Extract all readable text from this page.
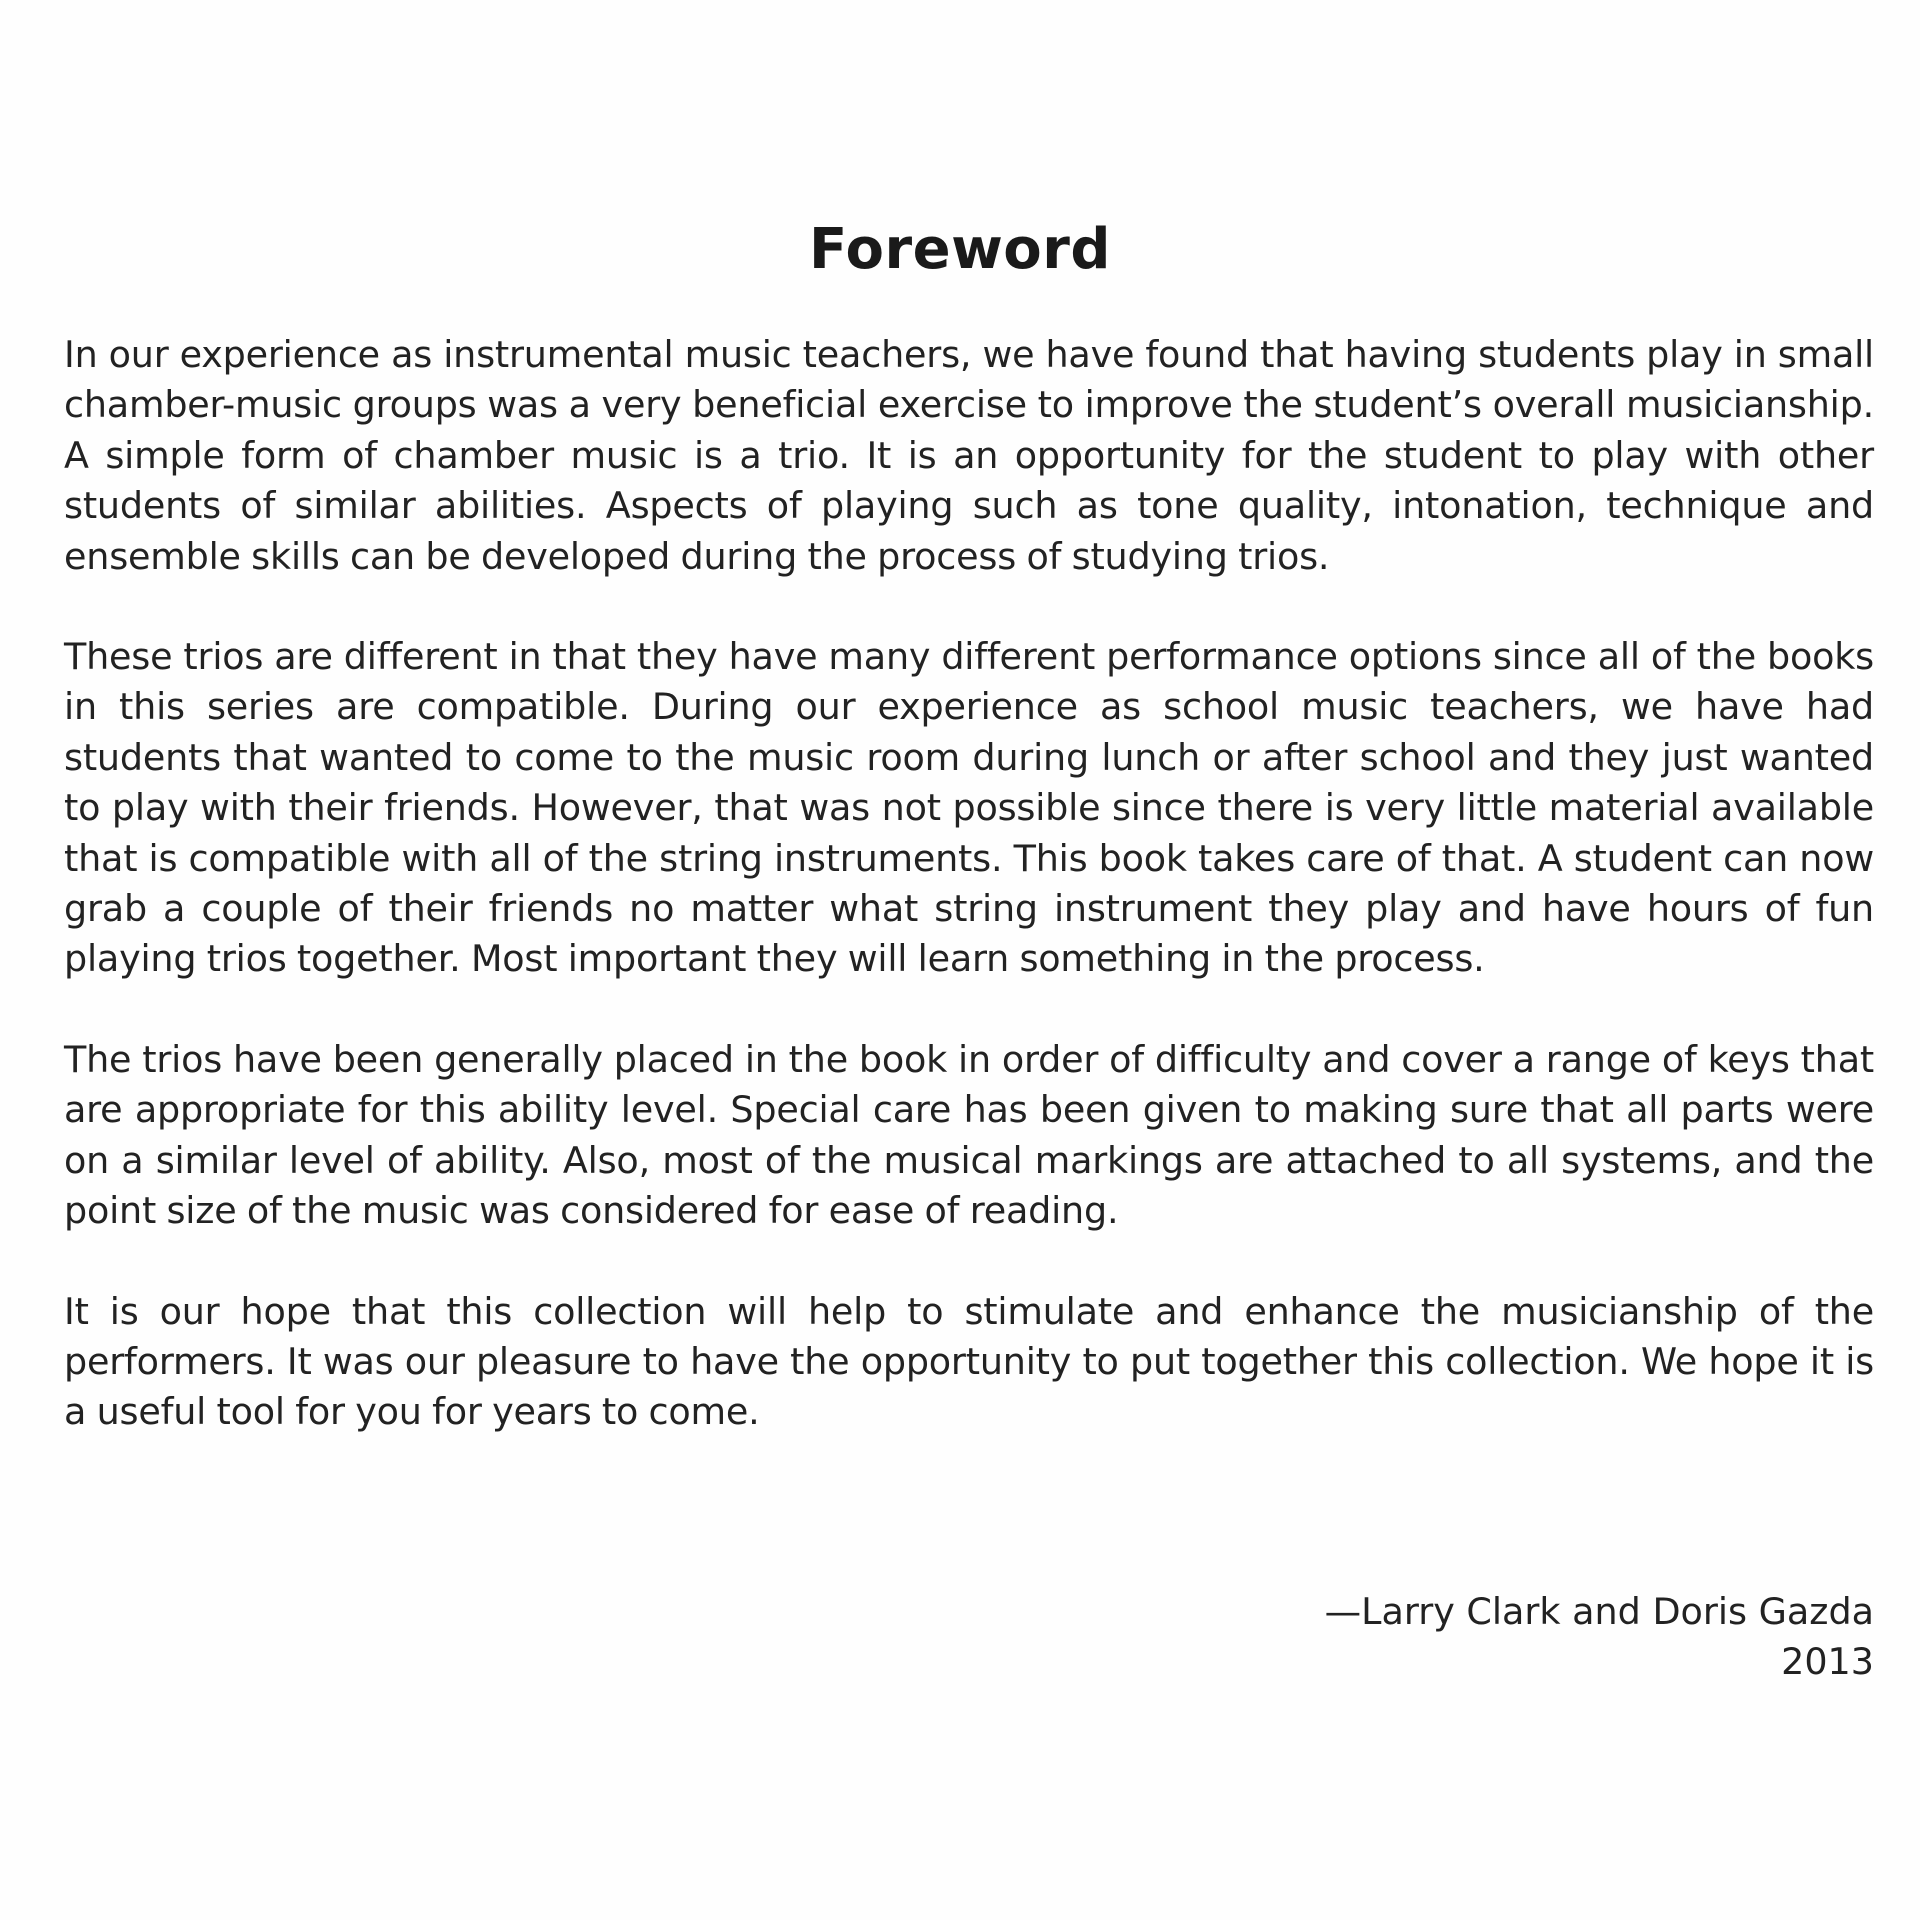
Foreword

In our experience as instrumental music teachers, we have found that having students play in small chamber-music groups was a very beneficial exercise to improve the student’s overall musicianship. A simple form of chamber music is a trio. It is an opportunity for the student to play with other students of similar abilities. Aspects of playing such as tone quality, intonation, technique and ensemble skills can be developed during the process of studying trios.

These trios are different in that they have many different performance options since all of the books in this series are compatible. During our experience as school music teachers, we have had students that wanted to come to the music room during lunch or after school and they just wanted to play with their friends. However, that was not possible since there is very little material available that is compatible with all of the string instruments. This book takes care of that. A student can now grab a couple of their friends no matter what string instrument they play and have hours of fun playing trios together. Most important they will learn something in the process.

The trios have been generally placed in the book in order of difficulty and cover a range of keys that are appropriate for this ability level. Special care has been given to making sure that all parts were on a similar level of ability. Also, most of the musical markings are attached to all systems, and the point size of the music was considered for ease of reading.

It is our hope that this collection will help to stimulate and enhance the musicianship of the performers. It was our pleasure to have the opportunity to put together this collection. We hope it is a useful tool for you for years to come.

—Larry Clark and Doris Gazda
2013
